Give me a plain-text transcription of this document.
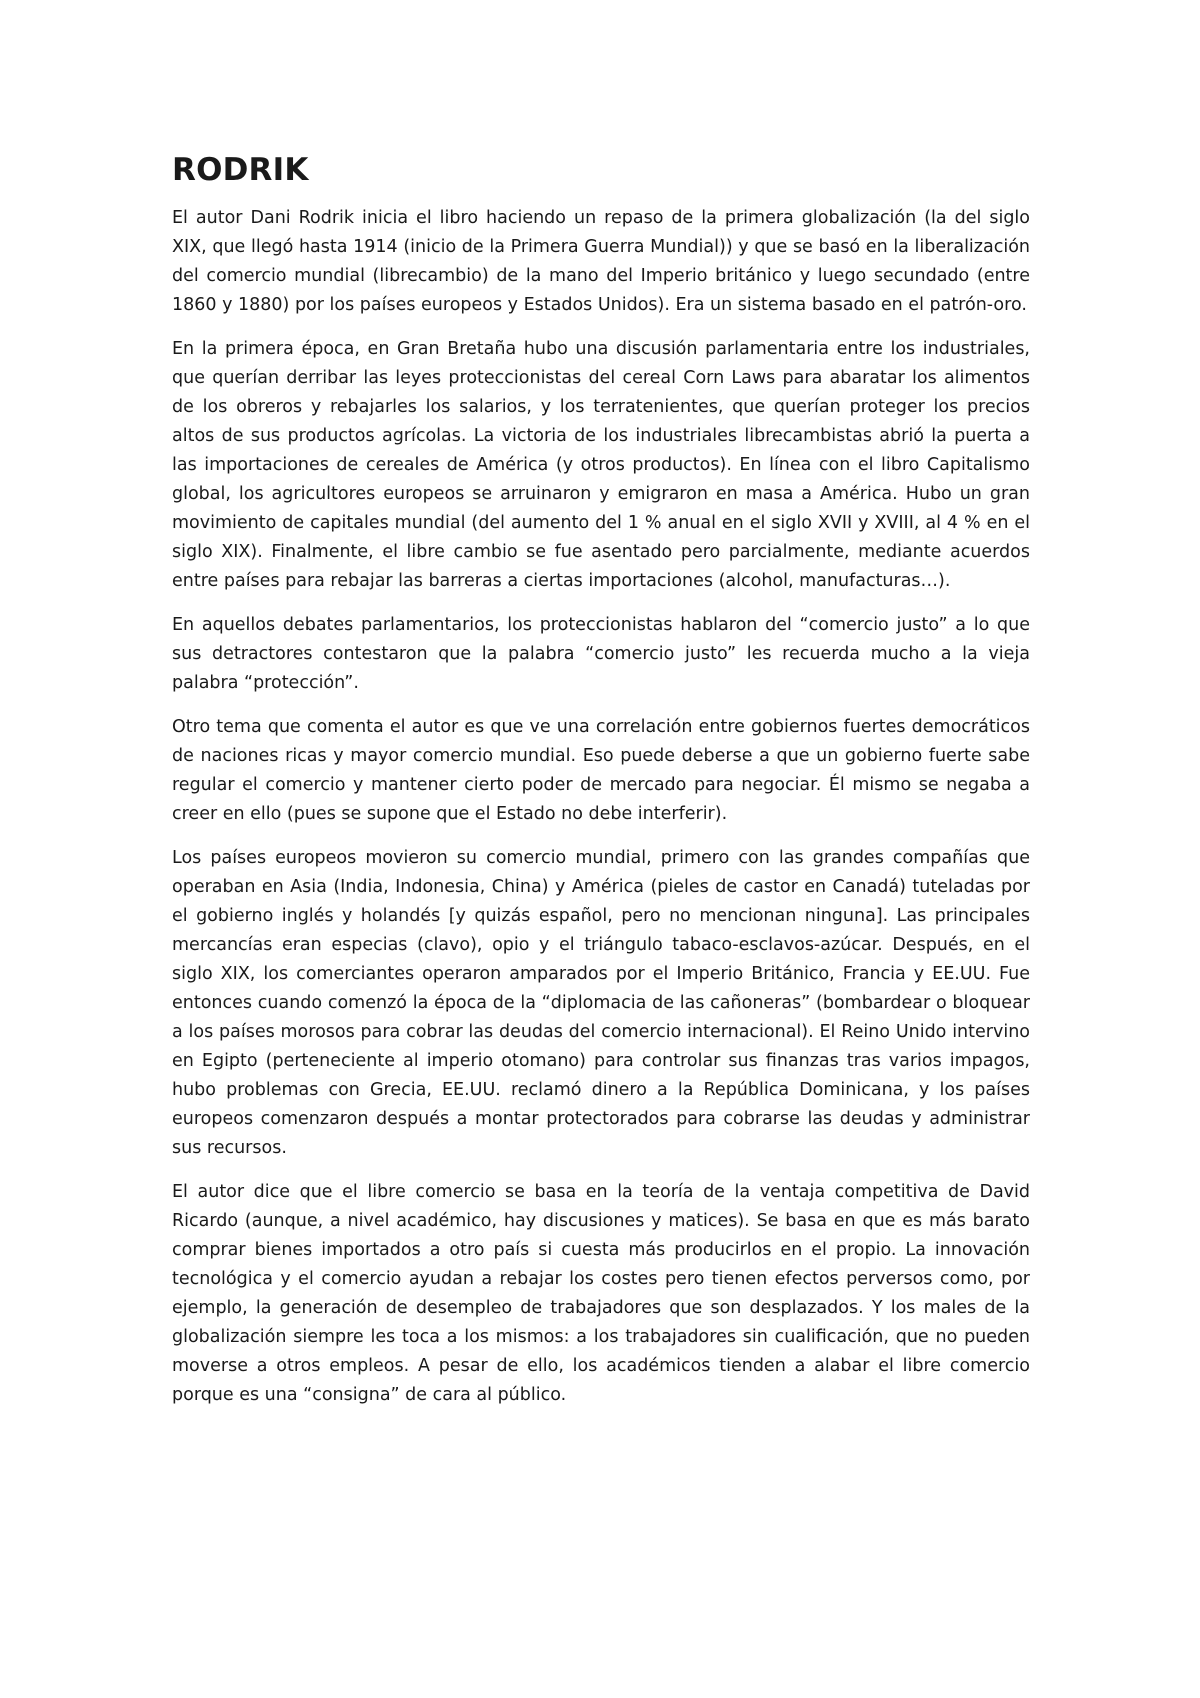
RODRIK

El autor Dani Rodrik inicia el libro haciendo un repaso de la primera globalización (la del siglo XIX, que llegó hasta 1914 (inicio de la Primera Guerra Mundial)) y que se basó en la liberalización del comercio mundial (librecambio) de la mano del Imperio británico y luego secundado (entre 1860 y 1880) por los países europeos y Estados Unidos). Era un sistema basado en el patrón-oro.

En la primera época, en Gran Bretaña hubo una discusión parlamentaria entre los industriales, que querían derribar las leyes proteccionistas del cereal Corn Laws para abaratar los alimentos de los obreros y rebajarles los salarios, y los terratenientes, que querían proteger los precios altos de sus productos agrícolas. La victoria de los industriales librecambistas abrió la puerta a las importaciones de cereales de América (y otros productos). En línea con el libro Capitalismo global, los agricultores europeos se arruinaron y emigraron en masa a América. Hubo un gran movimiento de capitales mundial (del aumento del 1 % anual en el siglo XVII y XVIII, al 4 % en el siglo XIX). Finalmente, el libre cambio se fue asentado pero parcialmente, mediante acuerdos entre países para rebajar las barreras a ciertas importaciones (alcohol, manufacturas…).

En aquellos debates parlamentarios, los proteccionistas hablaron del “comercio justo” a lo que sus detractores contestaron que la palabra “comercio justo” les recuerda mucho a la vieja palabra “protección”.

Otro tema que comenta el autor es que ve una correlación entre gobiernos fuertes democráticos de naciones ricas y mayor comercio mundial. Eso puede deberse a que un gobierno fuerte sabe regular el comercio y mantener cierto poder de mercado para negociar. Él mismo se negaba a creer en ello (pues se supone que el Estado no debe interferir).

Los países europeos movieron su comercio mundial, primero con las grandes compañías que operaban en Asia (India, Indonesia, China) y América (pieles de castor en Canadá) tuteladas por el gobierno inglés y holandés [y quizás español, pero no mencionan ninguna]. Las principales mercancías eran especias (clavo), opio y el triángulo tabaco-esclavos-azúcar. Después, en el siglo XIX, los comerciantes operaron amparados por el Imperio Británico, Francia y EE.UU. Fue entonces cuando comenzó la época de la “diplomacia de las cañoneras” (bombardear o bloquear a los países morosos para cobrar las deudas del comercio internacional). El Reino Unido intervino en Egipto (perteneciente al imperio otomano) para controlar sus finanzas tras varios impagos, hubo problemas con Grecia, EE.UU. reclamó dinero a la República Dominicana, y los países europeos comenzaron después a montar protectorados para cobrarse las deudas y administrar sus recursos.

El autor dice que el libre comercio se basa en la teoría de la ventaja competitiva de David Ricardo (aunque, a nivel académico, hay discusiones y matices). Se basa en que es más barato comprar bienes importados a otro país si cuesta más producirlos en el propio. La innovación tecnológica y el comercio ayudan a rebajar los costes pero tienen efectos perversos como, por ejemplo, la generación de desempleo de trabajadores que son desplazados. Y los males de la globalización siempre les toca a los mismos: a los trabajadores sin cualificación, que no pueden moverse a otros empleos. A pesar de ello, los académicos tienden a alabar el libre comercio porque es una “consigna” de cara al público.
